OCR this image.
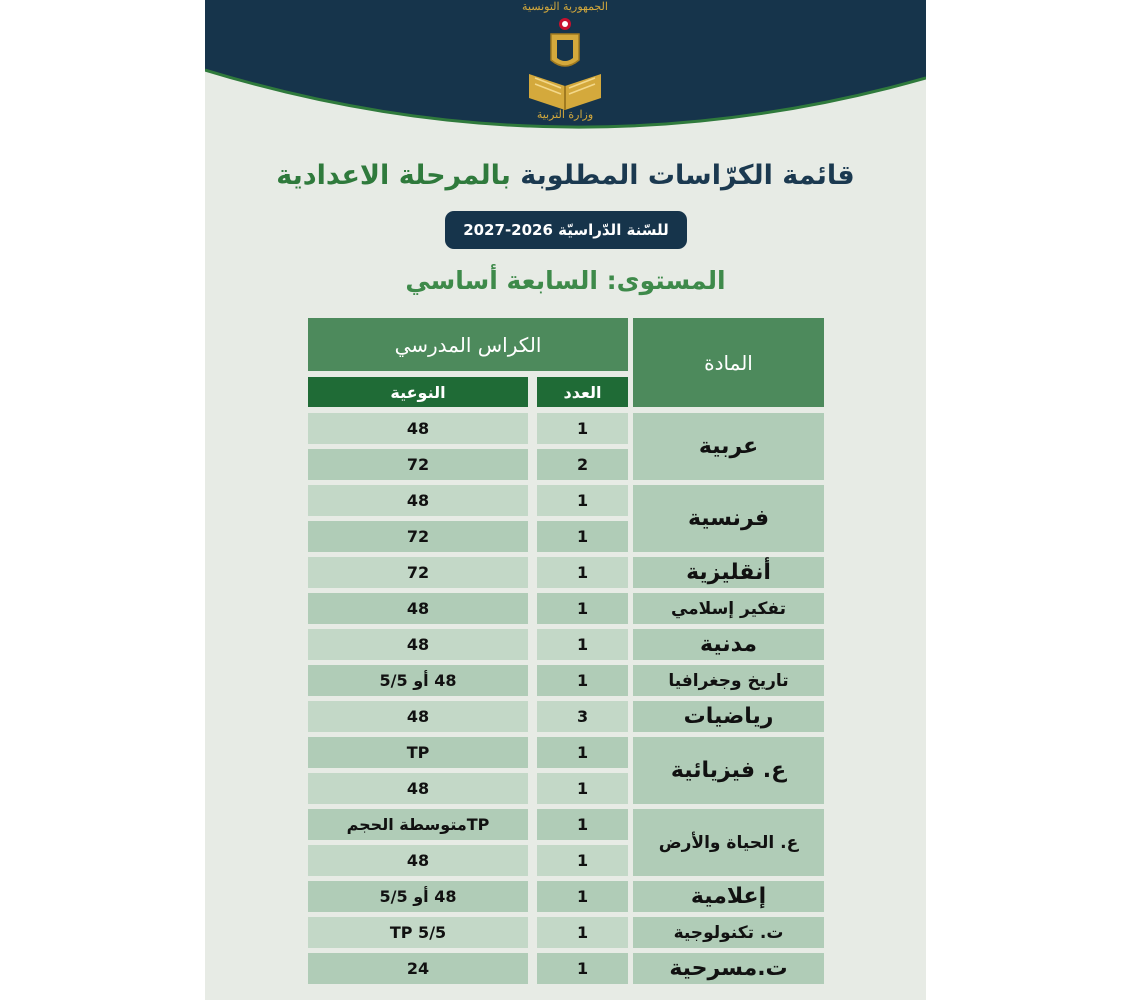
الجمهورية التونسية
وزارة التربية
قائمة الكرّاسات المطلوبة بالمرحلة الاعدادية
للسّنة الدّراسيّة 2026-2027
المستوى: السابعة أساسي
المادة
الكراس المدرسي
العدد
النوعية
عربية
1
48
2
72
فرنسية
1
48
1
72
أنقليزية
1
72
تفكير إسلامي
1
48
مدنية
1
48
تاريخ وجغرافيا
1
48 أو 5/5
رياضيات
3
48
ع. فيزيائية
1
TP
1
48
ع. الحياة والأرض
1
TPمتوسطة الحجم
1
48
إعلامية
1
48 أو 5/5
ت. تكنولوجية
1
TP 5/5
ت.مسرحية
1
24
